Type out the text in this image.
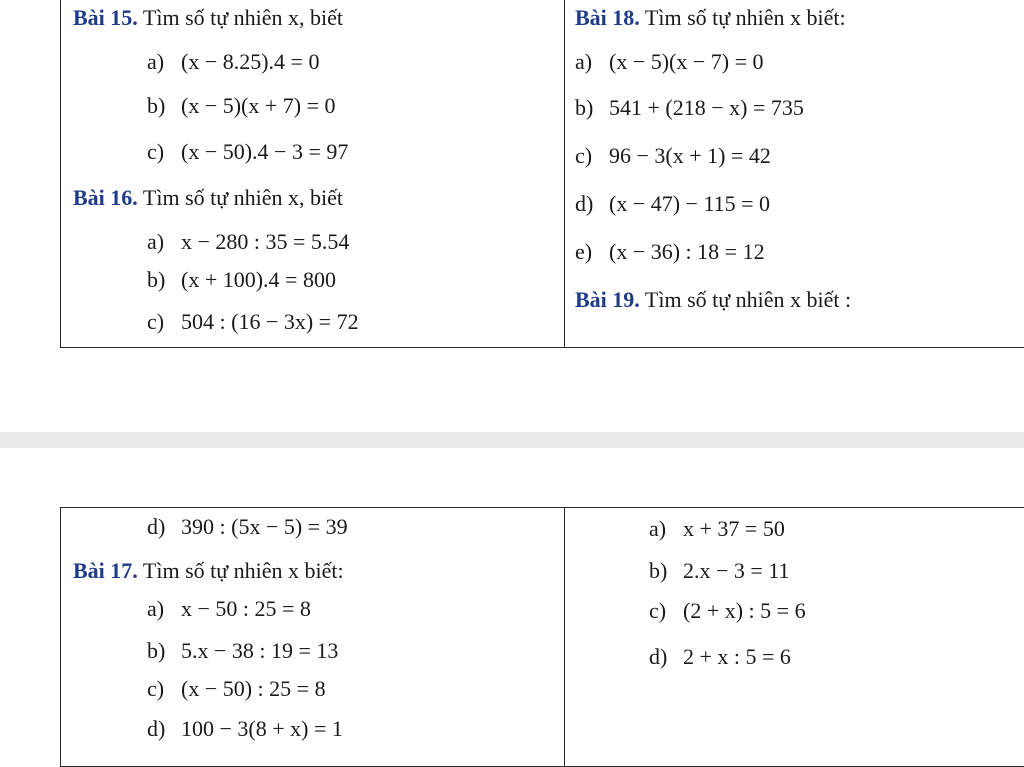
Bài 15. Tìm số tự nhiên x, biết
a) (x − 8.25).4 = 0
b) (x − 5)(x + 7) = 0
c) (x − 50).4 − 3 = 97
Bài 16. Tìm số tự nhiên x, biết
a) x − 280 : 35 = 5.54
b) (x + 100).4 = 800
c) 504 : (16 − 3x) = 72
Bài 18. Tìm số tự nhiên x biết:
a) (x − 5)(x − 7) = 0
b) 541 + (218 − x) = 735
c) 96 − 3(x + 1) = 42
d) (x − 47) − 115 = 0
e) (x − 36) : 18 = 12
Bài 19. Tìm số tự nhiên x biết :
d) 390 : (5x − 5) = 39
Bài 17. Tìm số tự nhiên x biết:
a) x − 50 : 25 = 8
b) 5.x − 38 : 19 = 13
c) (x − 50) : 25 = 8
d) 100 − 3(8 + x) = 1
a) x + 37 = 50
b) 2.x − 3 = 11
c) (2 + x) : 5 = 6
d) 2 + x : 5 = 6
